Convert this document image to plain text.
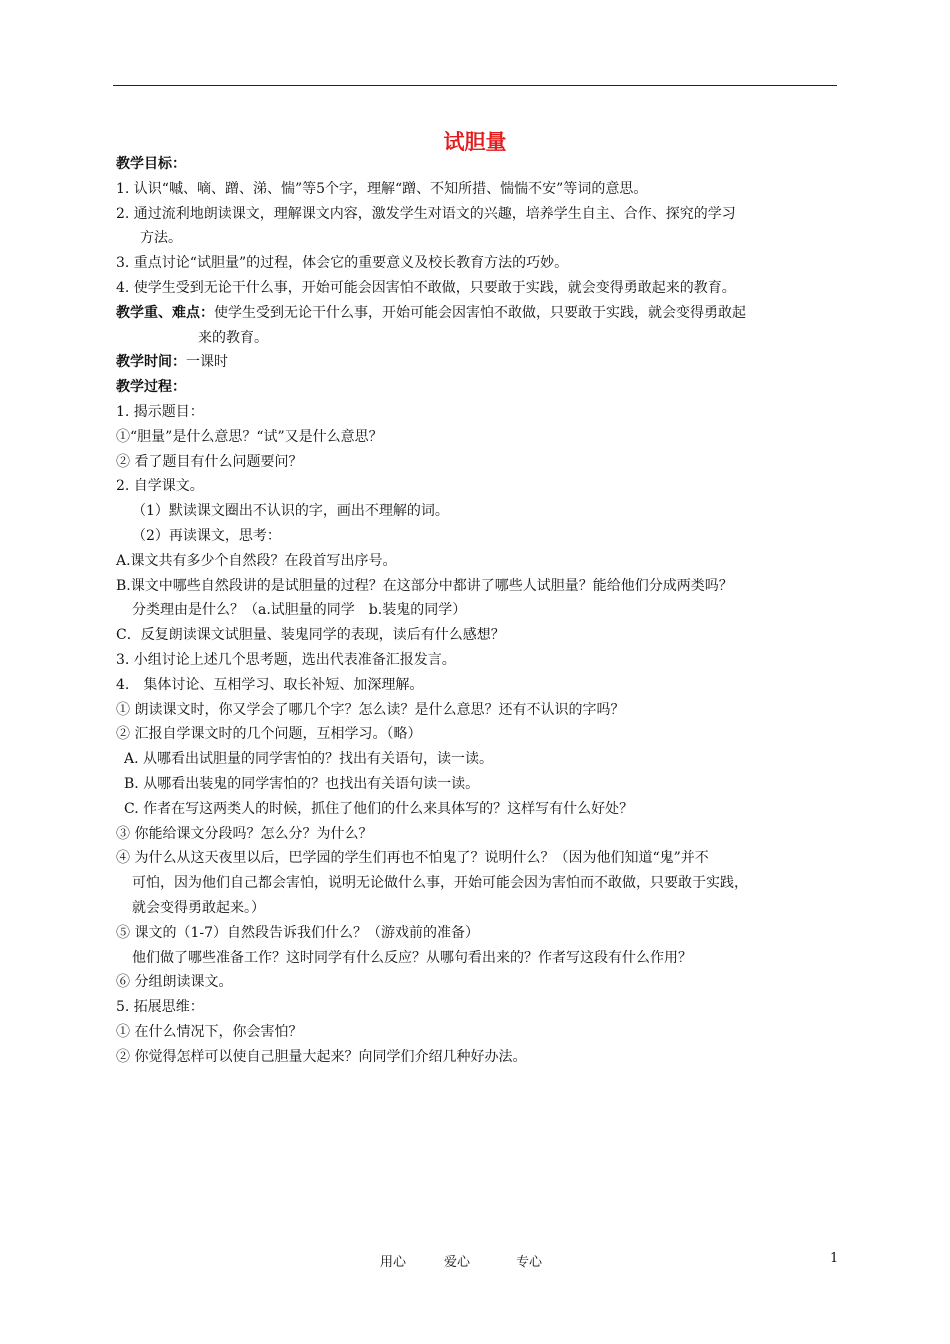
试胆量
教学目标：
1. 认识“嘁、嘀、蹭、涕、惴”等5个字，理解“蹭、不知所措、惴惴不安”等词的意思。
2. 通过流利地朗读课文，理解课文内容，激发学生对语文的兴趣，培养学生自主、合作、探究的学习
方法。
3. 重点讨论“试胆量”的过程，体会它的重要意义及校长教育方法的巧妙。
4. 使学生受到无论干什么事，开始可能会因害怕不敢做，只要敢于实践，就会变得勇敢起来的教育。
教学重、难点：使学生受到无论干什么事，开始可能会因害怕不敢做，只要敢于实践，就会变得勇敢起
来的教育。
教学时间：一课时
教学过程：
1. 揭示题目：
①“胆量”是什么意思？“试”又是什么意思？
② 看了题目有什么问题要问？
2. 自学课文。
（1）默读课文圈出不认识的字，画出不理解的词。
（2）再读课文，思考：
A.课文共有多少个自然段？在段首写出序号。
B.课文中哪些自然段讲的是试胆量的过程？在这部分中都讲了哪些人试胆量？能给他们分成两类吗？
分类理由是什么？（a.试胆量的同学　b.装鬼的同学）
C．反复朗读课文试胆量、装鬼同学的表现，读后有什么感想？
3. 小组讨论上述几个思考题，选出代表准备汇报发言。
4.　集体讨论、互相学习、取长补短、加深理解。
① 朗读课文时，你又学会了哪几个字？怎么读？是什么意思？还有不认识的字吗？
② 汇报自学课文时的几个问题，互相学习。（略）
A. 从哪看出试胆量的同学害怕的？找出有关语句，读一读。
B. 从哪看出装鬼的同学害怕的？也找出有关语句读一读。
C. 作者在写这两类人的时候，抓住了他们的什么来具体写的？这样写有什么好处？
③ 你能给课文分段吗？怎么分？为什么？
④ 为什么从这天夜里以后，巴学园的学生们再也不怕鬼了？说明什么？（因为他们知道“鬼”并不
可怕，因为他们自己都会害怕，说明无论做什么事，开始可能会因为害怕而不敢做，只要敢于实践，
就会变得勇敢起来。）
⑤ 课文的（1-7）自然段告诉我们什么？（游戏前的准备）
他们做了哪些准备工作？这时同学有什么反应？从哪句看出来的？作者写这段有什么作用？
⑥ 分组朗读课文。
5. 拓展思维：
① 在什么情况下，你会害怕？
② 你觉得怎样可以使自己胆量大起来？向同学们介绍几种好办法。
用心	爱心	专心	1
